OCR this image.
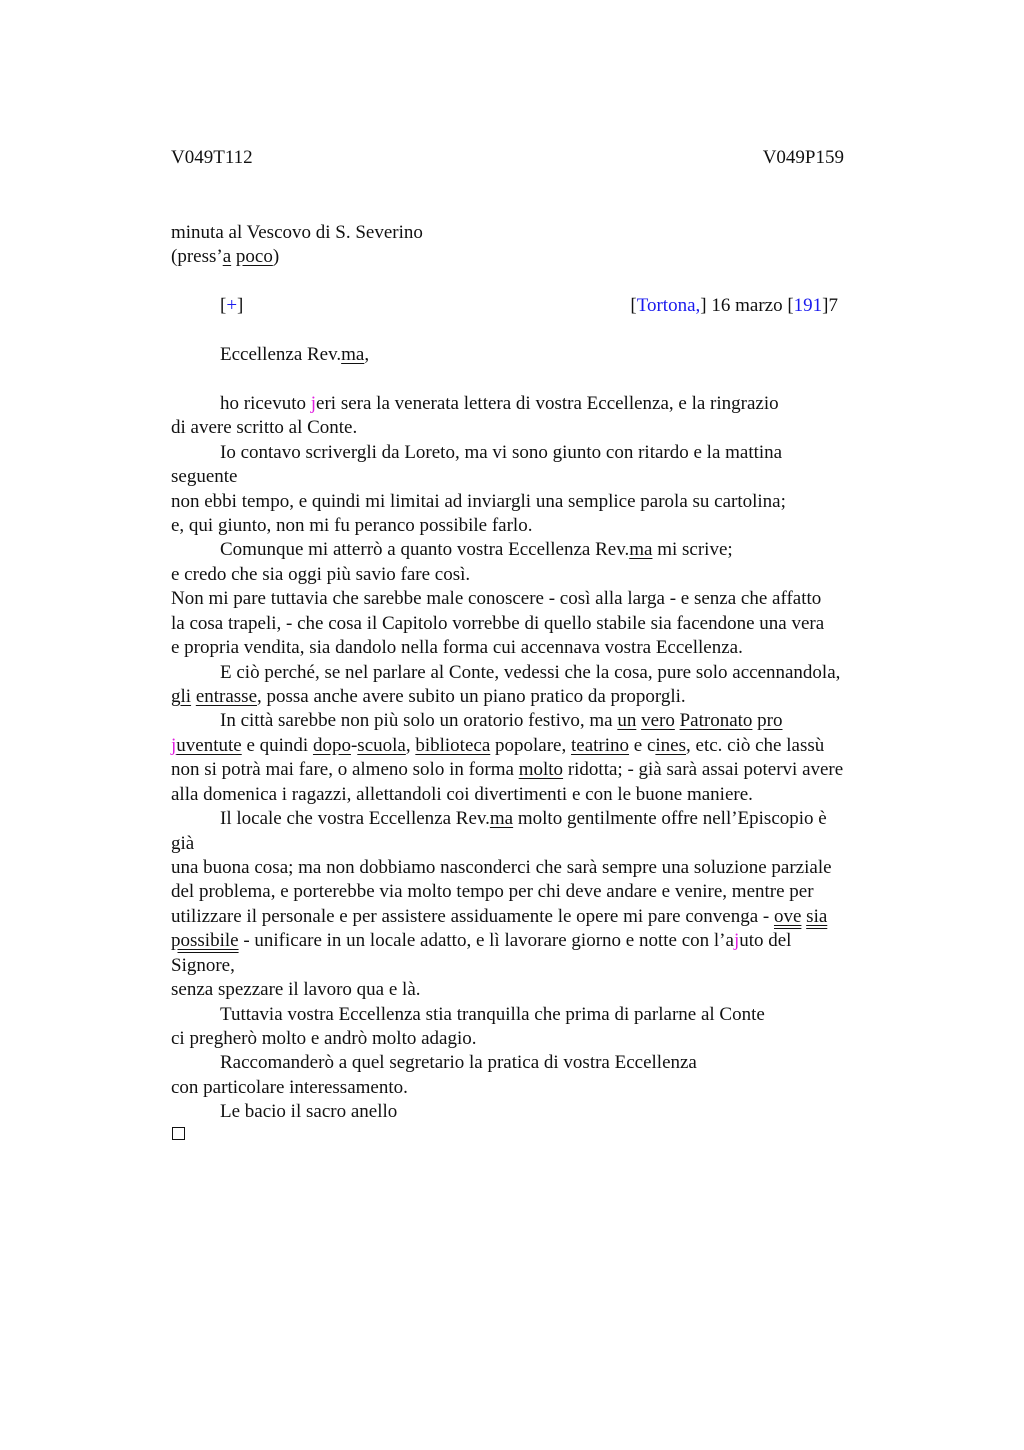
V049T112	V049P159
minuta al Vescovo di S. Severino
(press’a poco)
[+]	[Tortona,] 16 marzo [191]7
Eccellenza Rev.ma,
ho ricevuto jeri sera la venerata lettera di vostra Eccellenza, e la ringrazio
di avere scritto al Conte.
Io contavo scrivergli da Loreto, ma vi sono giunto con ritardo e la mattina
seguente
non ebbi tempo, e quindi mi limitai ad inviargli una semplice parola su cartolina;
e, qui giunto, non mi fu peranco possibile farlo.
Comunque mi atterrò a quanto vostra Eccellenza Rev.ma mi scrive;
e credo che sia oggi più savio fare così.
Non mi pare tuttavia che sarebbe male conoscere - così alla larga - e senza che affatto
la cosa trapeli, - che cosa il Capitolo vorrebbe di quello stabile sia facendone una vera
e propria vendita, sia dandolo nella forma cui accennava vostra Eccellenza.
E ciò perché, se nel parlare al Conte, vedessi che la cosa, pure solo accennandola,
gli entrasse, possa anche avere subito un piano pratico da proporgli.
In città sarebbe non più solo un oratorio festivo, ma un vero Patronato pro
juventute e quindi dopo-scuola, biblioteca popolare, teatrino e cines, etc. ciò che lassù
non si potrà mai fare, o almeno solo in forma molto ridotta; - già sarà assai potervi avere
alla domenica i ragazzi, allettandoli coi divertimenti e con le buone maniere.
Il locale che vostra Eccellenza Rev.ma molto gentilmente offre nell’Episcopio è
già
una buona cosa; ma non dobbiamo nasconderci che sarà sempre una soluzione parziale
del problema, e porterebbe via molto tempo per chi deve andare e venire, mentre per
utilizzare il personale e per assistere assiduamente le opere mi pare convenga - ove sia
possibile - unificare in un locale adatto, e lì lavorare giorno e notte con l’ajuto del
Signore,
senza spezzare il lavoro qua e là.
Tuttavia vostra Eccellenza stia tranquilla che prima di parlarne al Conte
ci pregherò molto e andrò molto adagio.
Raccomanderò a quel segretario la pratica di vostra Eccellenza
con particolare interessamento.
Le bacio il sacro anello
